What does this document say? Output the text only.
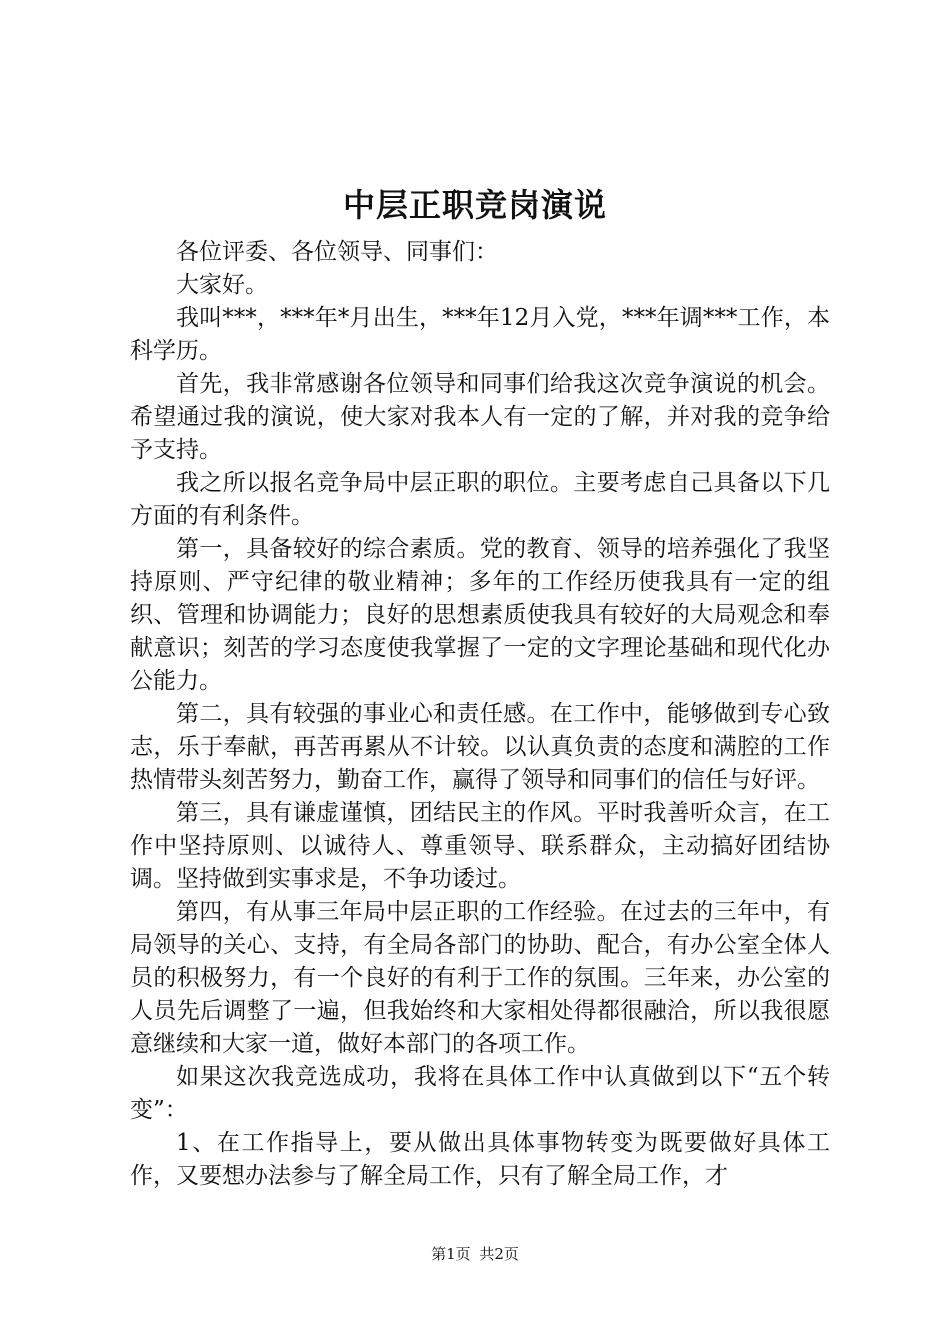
中层正职竞岗演说

各位评委、各位领导、同事们：

大家好。

我叫***，***年*月出生，***年12月入党，***年调***工作，本科学历。

首先，我非常感谢各位领导和同事们给我这次竞争演说的机会。希望通过我的演说，使大家对我本人有一定的了解，并对我的竞争给予支持。

我之所以报名竞争局中层正职的职位。主要考虑自己具备以下几方面的有利条件。

第一，具备较好的综合素质。党的教育、领导的培养强化了我坚持原则、严守纪律的敬业精神；多年的工作经历使我具有一定的组织、管理和协调能力；良好的思想素质使我具有较好的大局观念和奉献意识；刻苦的学习态度使我掌握了一定的文字理论基础和现代化办公能力。

第二，具有较强的事业心和责任感。在工作中，能够做到专心致志，乐于奉献，再苦再累从不计较。以认真负责的态度和满腔的工作热情带头刻苦努力，勤奋工作，赢得了领导和同事们的信任与好评。

第三，具有谦虚谨慎，团结民主的作风。平时我善听众言，在工作中坚持原则、以诚待人、尊重领导、联系群众，主动搞好团结协调。坚持做到实事求是，不争功诿过。

第四，有从事三年局中层正职的工作经验。在过去的三年中，有局领导的关心、支持，有全局各部门的协助、配合，有办公室全体人员的积极努力，有一个良好的有利于工作的氛围。三年来，办公室的人员先后调整了一遍，但我始终和大家相处得都很融洽，所以我很愿意继续和大家一道，做好本部门的各项工作。

如果这次我竞选成功，我将在具体工作中认真做到以下“五个转变”：

1、在工作指导上，要从做出具体事物转变为既要做好具体工作，又要想办法参与了解全局工作，只有了解全局工作，才

第1页 共2页
